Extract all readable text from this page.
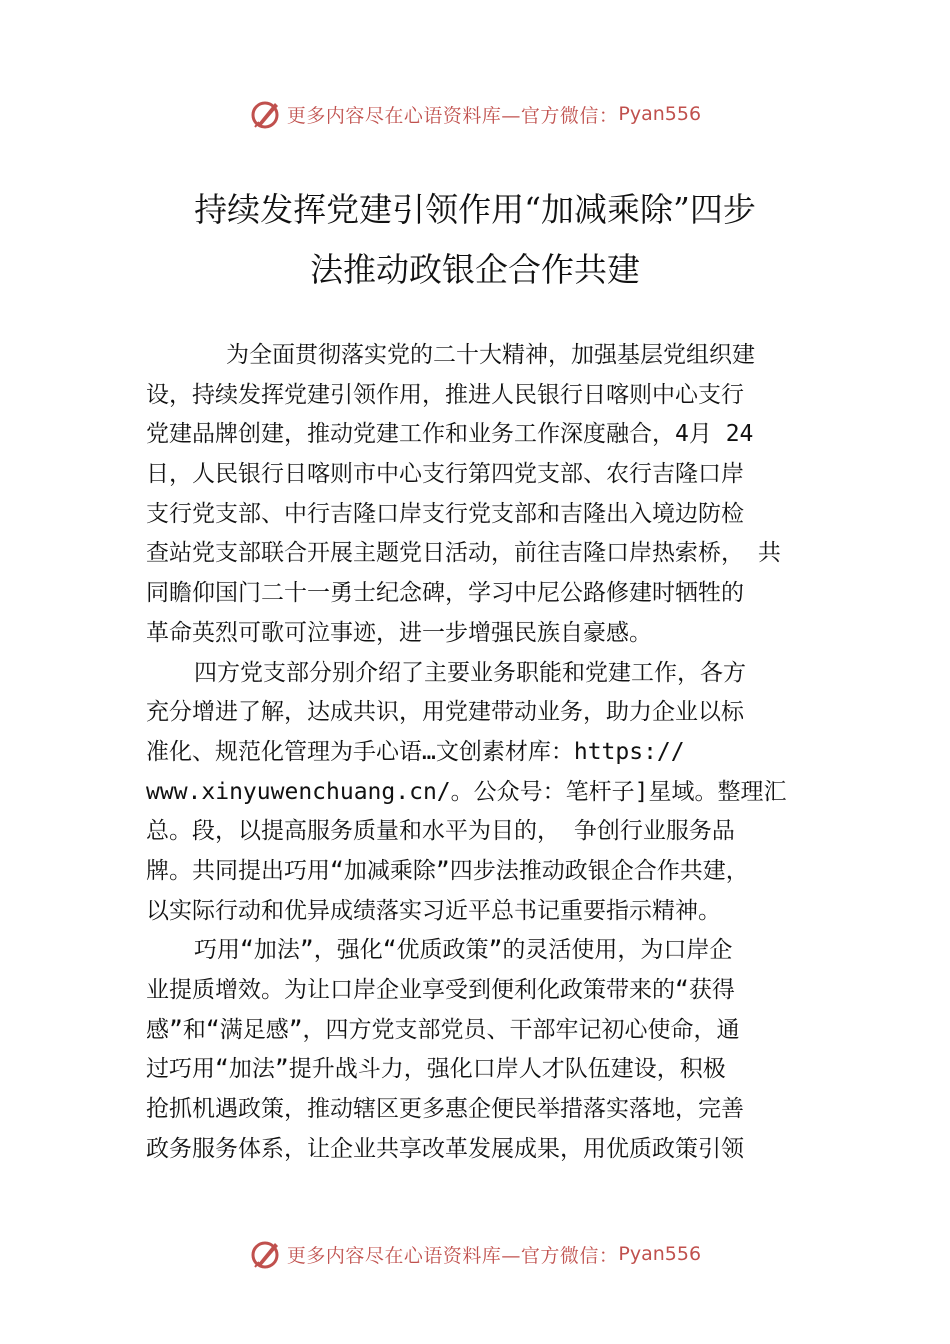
更多内容尽在心语资料库—官方微信： Pyan556
持续发挥党建引领作用“加减乘除”四步
法推动政银企合作共建
为全面贯彻落实党的二十大精神，加强基层党组织建
设，持续发挥党建引领作用，推进人民银行日喀则中心支行
党建品牌创建，推动党建工作和业务工作深度融合，4月 24
日，人民银行日喀则市中心支行第四党支部、农行吉隆口岸
支行党支部、中行吉隆口岸支行党支部和吉隆出入境边防检
查站党支部联合开展主题党日活动，前往吉隆口岸热索桥， 共
同瞻仰国门二十一勇士纪念碑，学习中尼公路修建时牺牲的
革命英烈可歌可泣事迹，进一步增强民族自豪感。
四方党支部分别介绍了主要业务职能和党建工作，各方
充分增进了解，达成共识，用党建带动业务，助力企业以标
准化、规范化管理为手心语…文创素材库：https://
www.xinyuwenchuang.cn/。公众号：笔杆子]星域。整理汇
总。段，以提高服务质量和水平为目的， 争创行业服务品
牌。共同提出巧用“加减乘除”四步法推动政银企合作共建，
以实际行动和优异成绩落实习近平总书记重要指示精神。
巧用“加法”，强化“优质政策”的灵活使用，为口岸企
业提质增效。为让口岸企业享受到便利化政策带来的“获得
感”和“满足感”，四方党支部党员、干部牢记初心使命，通
过巧用“加法”提升战斗力，强化口岸人才队伍建设，积极
抢抓机遇政策，推动辖区更多惠企便民举措落实落地，完善
政务服务体系，让企业共享改革发展成果，用优质政策引领
更多内容尽在心语资料库—官方微信： Pyan556
